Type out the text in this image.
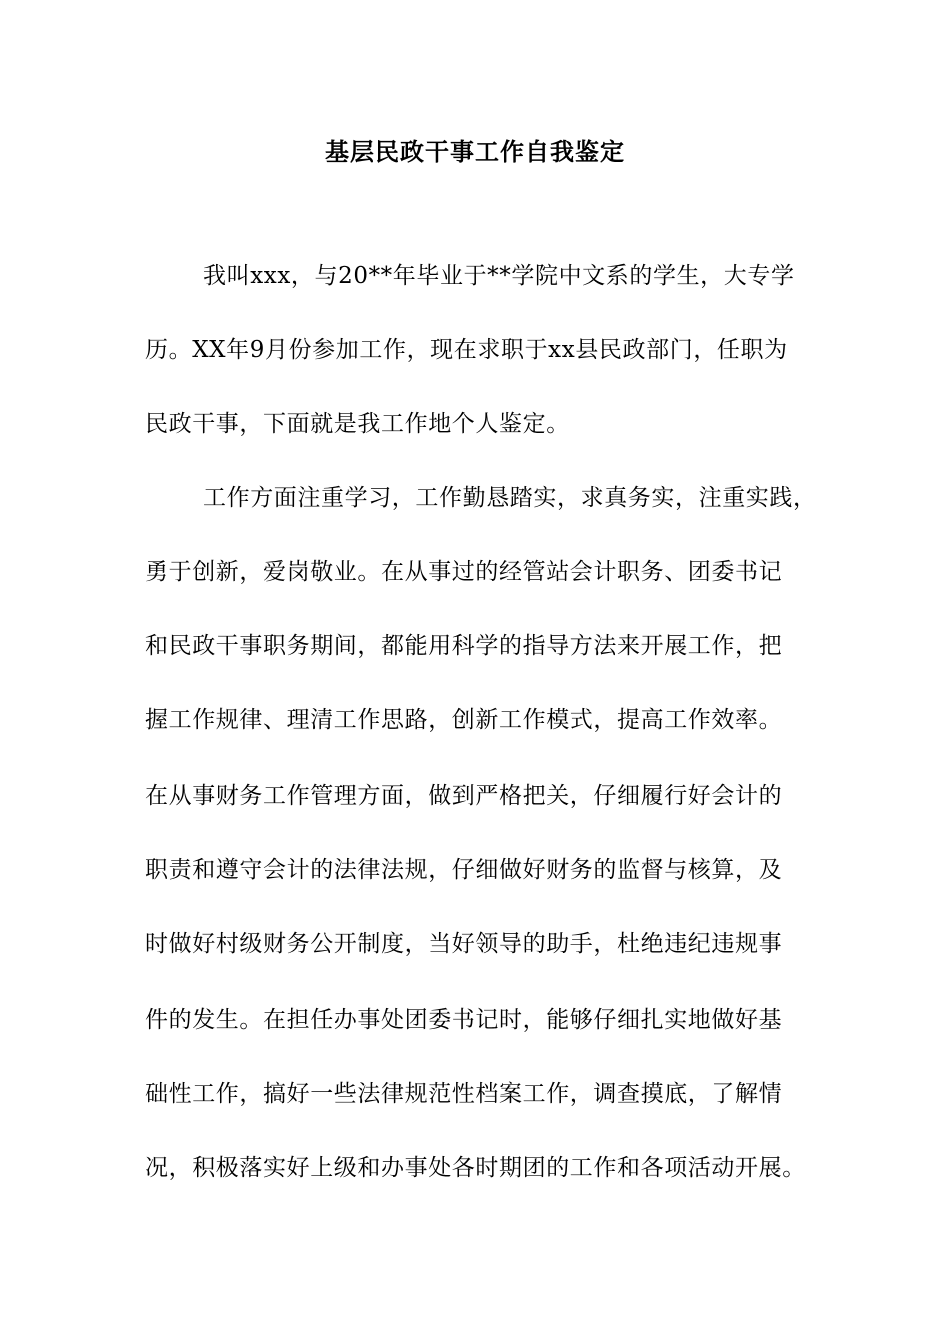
基层民政干事工作自我鉴定
我叫xxx，与20**年毕业于**学院中文系的学生，大专学
历。XX年9月份参加工作，现在求职于xx县民政部门，任职为
民政干事，下面就是我工作地个人鉴定。
工作方面注重学习，工作勤恳踏实，求真务实，注重实践，
勇于创新，爱岗敬业。在从事过的经管站会计职务、团委书记
和民政干事职务期间，都能用科学的指导方法来开展工作，把
握工作规律、理清工作思路，创新工作模式，提高工作效率。
在从事财务工作管理方面，做到严格把关，仔细履行好会计的
职责和遵守会计的法律法规，仔细做好财务的监督与核算，及
时做好村级财务公开制度，当好领导的助手，杜绝违纪违规事
件的发生。在担任办事处团委书记时，能够仔细扎实地做好基
础性工作，搞好一些法律规范性档案工作，调查摸底，了解情
况，积极落实好上级和办事处各时期团的工作和各项活动开展。
